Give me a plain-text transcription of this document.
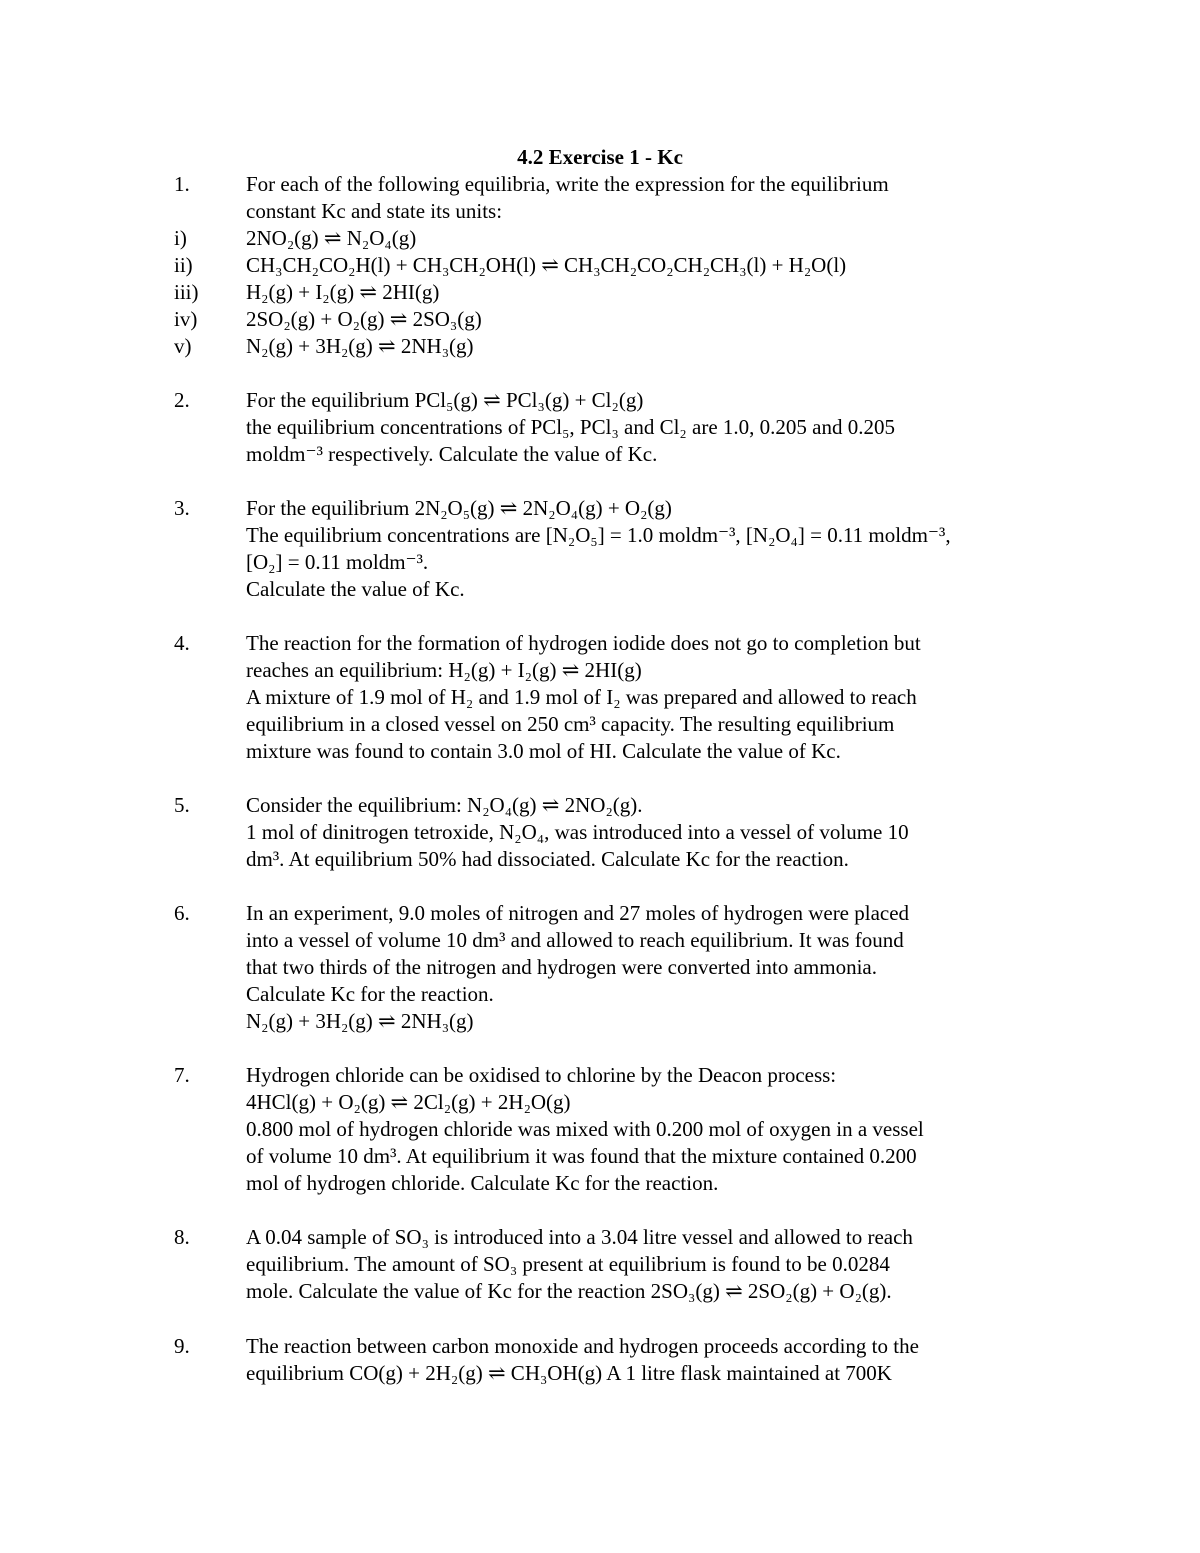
4.2 Exercise 1 - Kc
1.	For each of the following equilibria, write the expression for the equilibrium
constant Kc and state its units:
i)	2NO₂(g) ⇌ N₂O₄(g)
ii)	CH₃CH₂CO₂H(l) + CH₃CH₂OH(l) ⇌ CH₃CH₂CO₂CH₂CH₃(l) + H₂O(l)
iii)	H₂(g) + I₂(g) ⇌ 2HI(g)
iv)	2SO₂(g) + O₂(g) ⇌ 2SO₃(g)
v)	N₂(g) + 3H₂(g) ⇌ 2NH₃(g)
2.	For the equilibrium PCl₅(g) ⇌ PCl₃(g) + Cl₂(g)
the equilibrium concentrations of PCl₅, PCl₃ and Cl₂ are 1.0, 0.205 and 0.205
moldm⁻³ respectively. Calculate the value of Kc.
3.	For the equilibrium 2N₂O₅(g) ⇌ 2N₂O₄(g) + O₂(g)
The equilibrium concentrations are [N₂O₅] = 1.0 moldm⁻³, [N₂O₄] = 0.11 moldm⁻³,
[O₂] = 0.11 moldm⁻³.
Calculate the value of Kc.
4.	The reaction for the formation of hydrogen iodide does not go to completion but
reaches an equilibrium: H₂(g) + I₂(g) ⇌ 2HI(g)
A mixture of 1.9 mol of H₂ and 1.9 mol of I₂ was prepared and allowed to reach
equilibrium in a closed vessel on 250 cm³ capacity. The resulting equilibrium
mixture was found to contain 3.0 mol of HI. Calculate the value of Kc.
5.	Consider the equilibrium: N₂O₄(g) ⇌ 2NO₂(g).
1 mol of dinitrogen tetroxide, N₂O₄, was introduced into a vessel of volume 10
dm³. At equilibrium 50% had dissociated. Calculate Kc for the reaction.
6.	In an experiment, 9.0 moles of nitrogen and 27 moles of hydrogen were placed
into a vessel of volume 10 dm³ and allowed to reach equilibrium. It was found
that two thirds of the nitrogen and hydrogen were converted into ammonia.
Calculate Kc for the reaction.
N₂(g) + 3H₂(g) ⇌ 2NH₃(g)
7.	Hydrogen chloride can be oxidised to chlorine by the Deacon process:
4HCl(g) + O₂(g) ⇌ 2Cl₂(g) + 2H₂O(g)
0.800 mol of hydrogen chloride was mixed with 0.200 mol of oxygen in a vessel
of volume 10 dm³. At equilibrium it was found that the mixture contained 0.200
mol of hydrogen chloride. Calculate Kc for the reaction.
8.	A 0.04 sample of SO₃ is introduced into a 3.04 litre vessel and allowed to reach
equilibrium. The amount of SO₃ present at equilibrium is found to be 0.0284
mole. Calculate the value of Kc for the reaction 2SO₃(g) ⇌ 2SO₂(g) + O₂(g).
9.	The reaction between carbon monoxide and hydrogen proceeds according to the
equilibrium CO(g) + 2H₂(g) ⇌ CH₃OH(g) A 1 litre flask maintained at 700K
